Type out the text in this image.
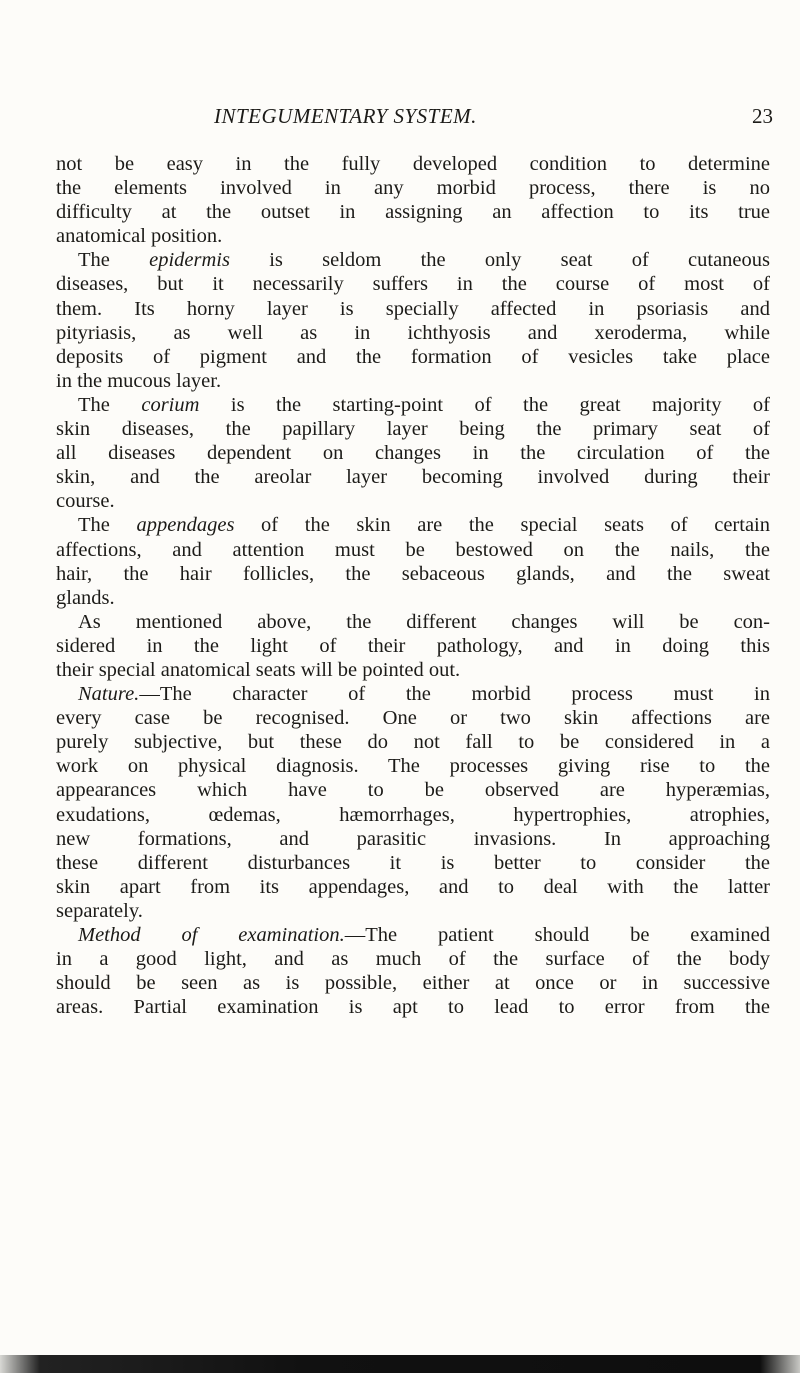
INTEGUMENTARY SYSTEM.	23
not be easy in the fully developed condition to determine
the elements involved in any morbid process, there is no
difficulty at the outset in assigning an affection to its true
anatomical position.
The epidermis is seldom the only seat of cutaneous
diseases, but it necessarily suffers in the course of most of
them. Its horny layer is specially affected in psoriasis and
pityriasis, as well as in ichthyosis and xeroderma, while
deposits of pigment and the formation of vesicles take place
in the mucous layer.
The corium is the starting-point of the great majority of
skin diseases, the papillary layer being the primary seat of
all diseases dependent on changes in the circulation of the
skin, and the areolar layer becoming involved during their
course.
The appendages of the skin are the special seats of certain
affections, and attention must be bestowed on the nails, the
hair, the hair follicles, the sebaceous glands, and the sweat
glands.
As mentioned above, the different changes will be con-
sidered in the light of their pathology, and in doing this
their special anatomical seats will be pointed out.
Nature.—The character of the morbid process must in
every case be recognised. One or two skin affections are
purely subjective, but these do not fall to be considered in a
work on physical diagnosis. The processes giving rise to the
appearances which have to be observed are hyperæmias,
exudations, œdemas, hæmorrhages, hypertrophies, atrophies,
new formations, and parasitic invasions. In approaching
these different disturbances it is better to consider the
skin apart from its appendages, and to deal with the latter
separately.
Method of examination.—The patient should be examined
in a good light, and as much of the surface of the body
should be seen as is possible, either at once or in successive
areas. Partial examination is apt to lead to error from the
